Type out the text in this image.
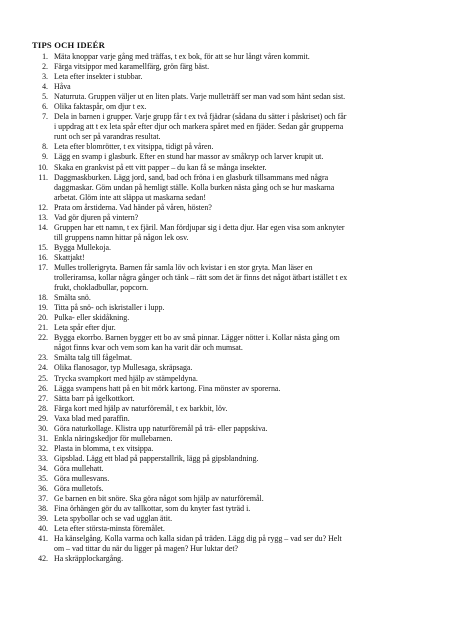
TIPS OCH IDEÉR
1. Mäta knoppar varje gång med träffas, t ex bok, för att se hur långt våren kommit.
2. Färga vitsippor med karamellfärg, grön färg bäst.
3. Leta efter insekter i stubbar.
4. Håva
5. Naturruta. Gruppen väljer ut en liten plats. Varje mulleträff ser man vad som hänt sedan sist.
6. Olika faktaspår, om djur t ex.
7. Dela in barnen i grupper. Varje grupp får t ex två fjädrar (sådana du sätter i påskriset) och får
i uppdrag att t ex leta spår efter djur och markera spåret med en fjäder. Sedan går grupperna
runt och ser på varandras resultat.
8. Leta efter blomrötter, t ex vitsippa, tidigt på våren.
9. Lägg en svamp i glasburk. Efter en stund har massor av småkryp och larver krupit ut.
10. Skaka en grankvist på ett vitt papper – du kan få se många insekter.
11. Daggmaskburken. Lägg jord, sand, bad och fröna i en glasburk tillsammans med några
daggmaskar. Göm undan på hemligt ställe. Kolla burken nästa gång och se hur maskarna
arbetat. Glöm inte att släppa ut maskarna sedan!
12. Prata om årstiderna. Vad händer på våren, hösten?
13. Vad gör djuren på vintern?
14. Gruppen har ett namn, t ex fjäril. Man fördjupar sig i detta djur. Har egen visa som anknyter
till gruppens namn hittar på någon lek osv.
15. Bygga Mullekoja.
16. Skattjakt!
17. Mulles trollerigryta. Barnen får samla löv och kvistar i en stor gryta. Man läser en
trolleriramsa, kollar några gånger och tänk – rätt som det är finns det något ätbart istället t ex
frukt, chokladbullar, popcorn.
18. Smälta snö.
19. Titta på snö- och iskristaller i lupp.
20. Pulka- eller skidåkning.
21. Leta spår efter djur.
22. Bygga ekorrbo. Barnen bygger ett bo av små pinnar. Lägger nötter i. Kollar nästa gång om
något finns kvar och vem som kan ha varit där och mumsat.
23. Smälta talg till fågelmat.
24. Olika flanosagor, typ Mullesaga, skräpsaga.
25. Trycka svampkort med hjälp av stämpeldyna.
26. Lägga svampens hatt på en bit mörk kartong. Fina mönster av sporerna.
27. Sätta barr på igelkottkort.
28. Färga kort med hjälp av naturföremål, t ex barkbit, löv.
29. Vaxa blad med paraffin.
30. Göra naturkollage. Klistra upp naturföremål på trä- eller pappskiva.
31. Enkla näringskedjor för mullebarnen.
32. Plasta in blomma, t ex vitsippa.
33. Gipsblad. Lägg ett blad på papperstallrik, lägg på gipsblandning.
34. Göra mullehatt.
35. Göra mullesvans.
36. Göra mulletofs.
37. Ge barnen en bit snöre. Ska göra något som hjälp av naturföremål.
38. Fina örhängen gör du av tallkottar, som du knyter fast tyträd i.
39. Leta spybollar och se vad ugglan ätit.
40. Leta efter största-minsta föremålet.
41. Ha känselgång. Kolla varma och kalla sidan på träden. Lägg dig på rygg – vad ser du? Helt
om – vad tittar du när du ligger på magen? Hur luktar det?
42. Ha skräpplockargång.
